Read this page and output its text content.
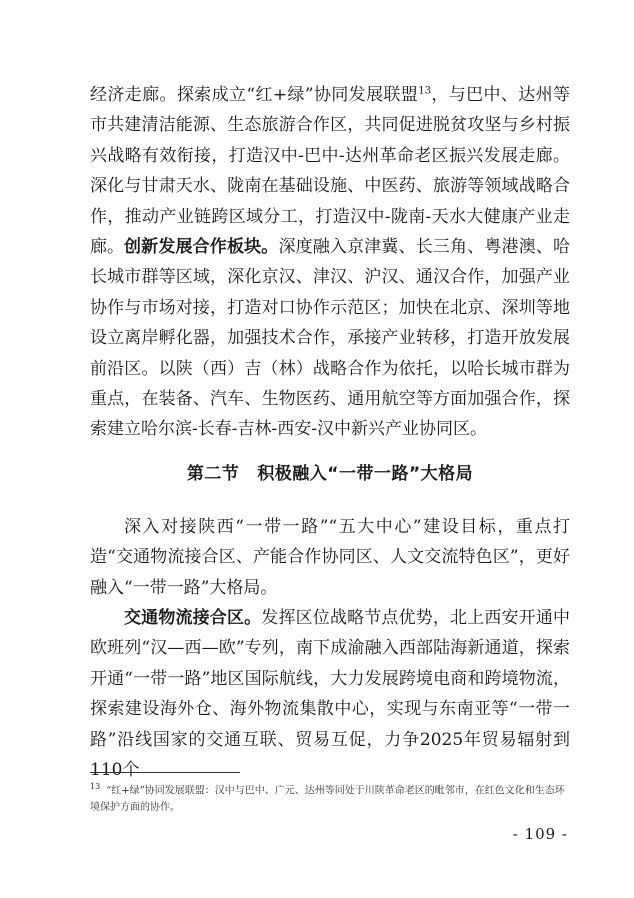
经济走廊。探索成立“红+绿”协同发展联盟$^{13}$，与巴中、达州等市共建清洁能源、生态旅游合作区，共同促进脱贫攻坚与乡村振兴战略有效衔接，打造汉中-巴中-达州革命老区振兴发展走廊。深化与甘肃天水、陇南在基础设施、中医药、旅游等领域战略合作，推动产业链跨区域分工，打造汉中-陇南-天水大健康产业走廊。 创新发展合作板块。深度融入京津冀、长三角、粤港澳、哈长城市群等区域，深化京汉、津汉、沪汉、通汉合作，加强产业协作与市场对接，打造对口协作示范区；加快在北京、深圳等地设立离岸孵化器，加强技术合作，承接产业转移，打造开放发展前沿区。以陕（西）吉（林）战略合作为依托，以哈长城市群为重点，在装备、汽车、生物医药、通用航空等方面加强合作，探索建立哈尔滨-长春-吉林-西安-汉中新兴产业协同区。

第二节 积极融入“一带一路”大格局

深入对接陕西“一带一路”“五大中心”建设目标，重点打造“交通物流接合区、产能合作协同区、人文交流特色区”，更好融入“一带一路”大格局。

交通物流接合区。发挥区位战略节点优势，北上西安开通中欧班列“汉—西—欧”专列，南下成渝融入西部陆海新通道，探索开通“一带一路”地区国际航线，大力发展跨境电商和跨境物流，探索建设海外仓、海外物流集散中心，实现与东南亚等“一带一路”沿线国家的交通互联、贸易互促，力争2025年贸易辐射到110个

$^{13}$ “红+绿”协同发展联盟：汉中与巴中、广元、达州等同处于川陕革命老区的毗邻市，在红色文化和生态环境保护方面的协作。

- 109 -
